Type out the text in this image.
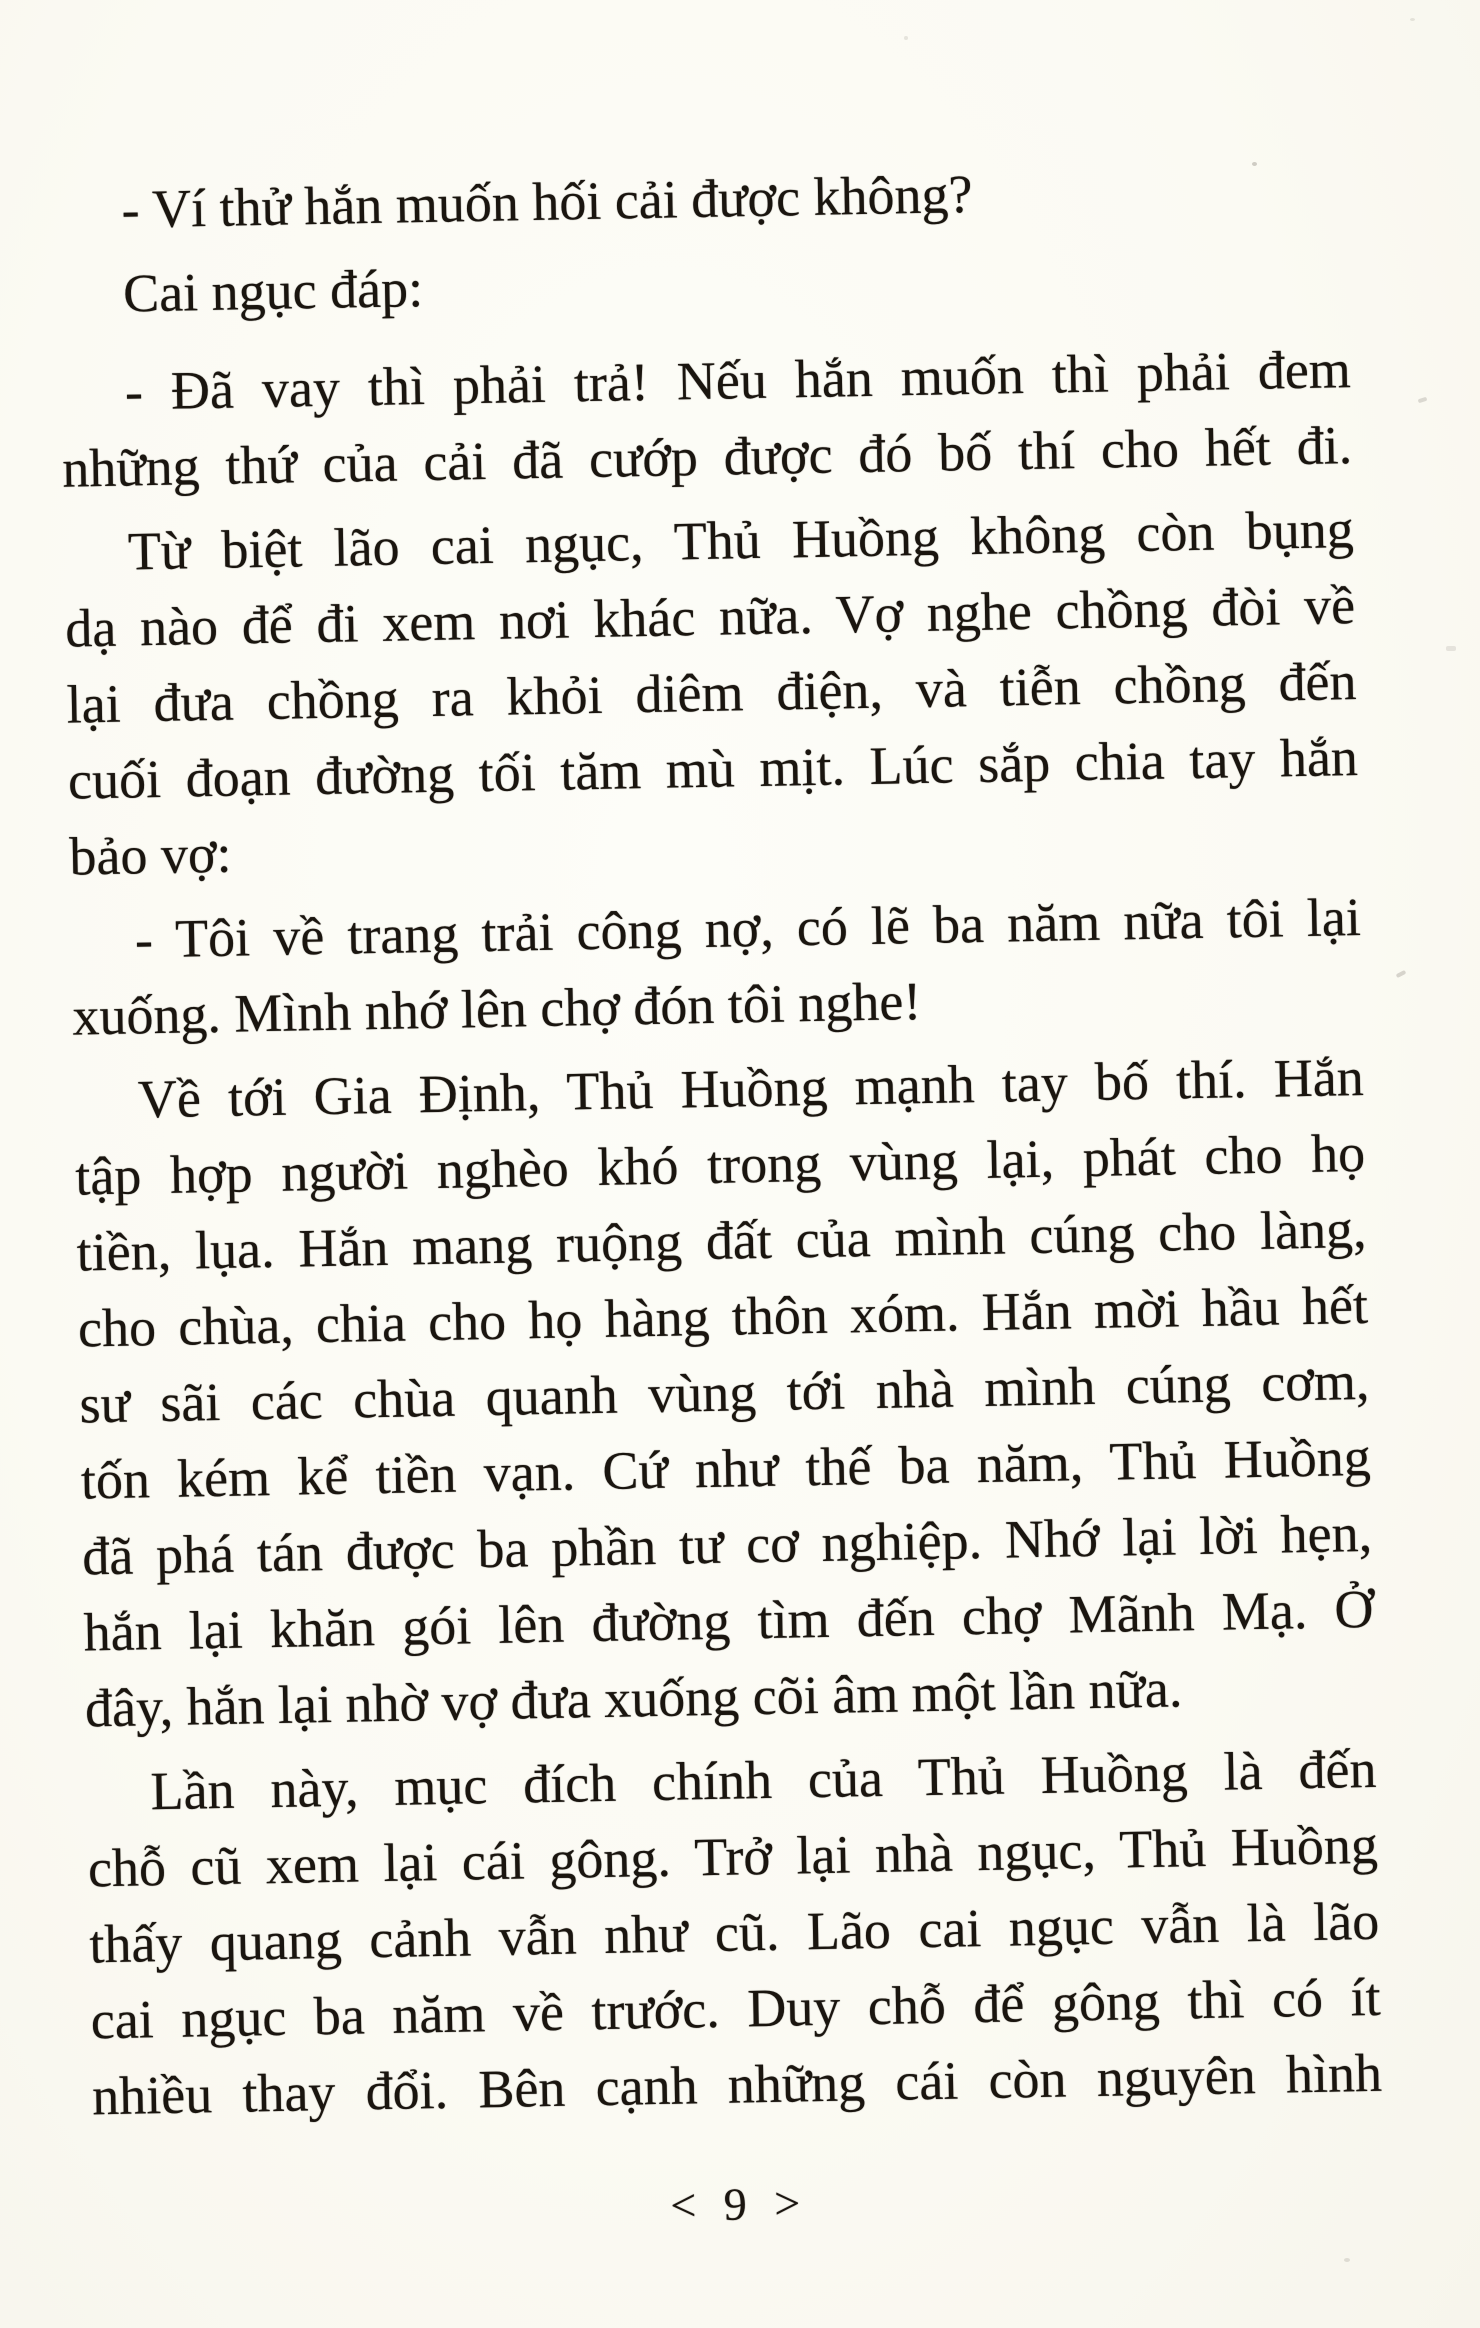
- Ví thử hắn muốn hối cải được không?
Cai ngục đáp:
- Đã vay thì phải trả! Nếu hắn muốn thì phải đem
những thứ của cải đã cướp được đó bố thí cho hết đi.
Từ biệt lão cai ngục, Thủ Huồng không còn bụng
dạ nào để đi xem nơi khác nữa. Vợ nghe chồng đòi về
lại đưa chồng ra khỏi diêm điện, và tiễn chồng đến
cuối đoạn đường tối tăm mù mịt. Lúc sắp chia tay hắn
bảo vợ:
- Tôi về trang trải công nợ, có lẽ ba năm nữa tôi lại
xuống. Mình nhớ lên chợ đón tôi nghe!
Về tới Gia Định, Thủ Huồng mạnh tay bố thí. Hắn
tập hợp người nghèo khó trong vùng lại, phát cho họ
tiền, lụa. Hắn mang ruộng đất của mình cúng cho làng,
cho chùa, chia cho họ hàng thôn xóm. Hắn mời hầu hết
sư sãi các chùa quanh vùng tới nhà mình cúng cơm,
tốn kém kể tiền vạn. Cứ như thế ba năm, Thủ Huồng
đã phá tán được ba phần tư cơ nghiệp. Nhớ lại lời hẹn,
hắn lại khăn gói lên đường tìm đến chợ Mãnh Mạ. Ở
đây, hắn lại nhờ vợ đưa xuống cõi âm một lần nữa.
Lần này, mục đích chính của Thủ Huồng là đến
chỗ cũ xem lại cái gông. Trở lại nhà ngục, Thủ Huồng
thấy quang cảnh vẫn như cũ. Lão cai ngục vẫn là lão
cai ngục ba năm về trước. Duy chỗ để gông thì có ít
nhiều thay đổi. Bên cạnh những cái còn nguyên hình
< 9 >
